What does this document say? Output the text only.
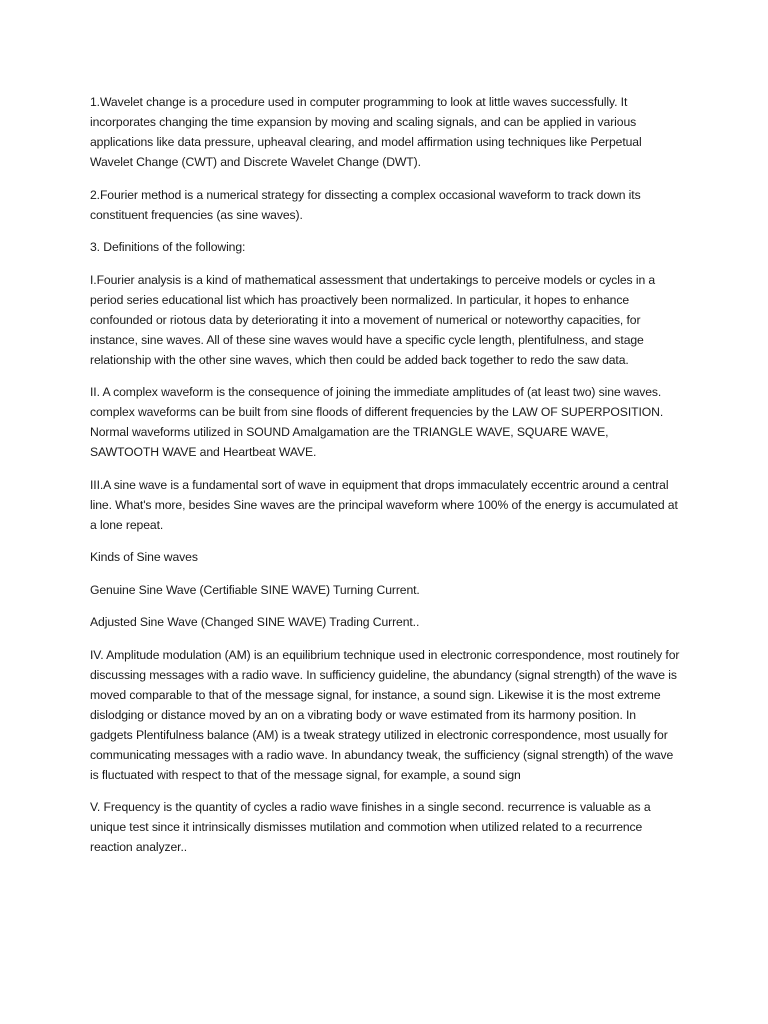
1.Wavelet change is a procedure used in computer programming to look at little waves successfully. It incorporates changing the time expansion by moving and scaling signals, and can be applied in various applications like data pressure, upheaval clearing, and model affirmation using techniques like Perpetual Wavelet Change (CWT) and Discrete Wavelet Change (DWT).

2.Fourier method is a numerical strategy for dissecting a complex occasional waveform to track down its constituent frequencies (as sine waves).

3. Definitions of the following:

I.Fourier analysis is a kind of mathematical assessment that undertakings to perceive models or cycles in a period series educational list which has proactively been normalized. In particular, it hopes to enhance confounded or riotous data by deteriorating it into a movement of numerical or noteworthy capacities, for instance, sine waves. All of these sine waves would have a specific cycle length, plentifulness, and stage relationship with the other sine waves, which then could be added back together to redo the saw data.

II. A complex waveform is the consequence of joining the immediate amplitudes of (at least two) sine waves. complex waveforms can be built from sine floods of different frequencies by the LAW OF SUPERPOSITION. Normal waveforms utilized in SOUND Amalgamation are the TRIANGLE WAVE, SQUARE WAVE, SAWTOOTH WAVE and Heartbeat WAVE.

III.A sine wave is a fundamental sort of wave in equipment that drops immaculately eccentric around a central line. What's more, besides Sine waves are the principal waveform where 100% of the energy is accumulated at a lone repeat.

Kinds of Sine waves

Genuine Sine Wave (Certifiable SINE WAVE) Turning Current.

Adjusted Sine Wave (Changed SINE WAVE) Trading Current..

IV. Amplitude modulation (AM) is an equilibrium technique used in electronic correspondence, most routinely for discussing messages with a radio wave. In sufficiency guideline, the abundancy (signal strength) of the wave is moved comparable to that of the message signal, for instance, a sound sign. Likewise it is the most extreme dislodging or distance moved by an on a vibrating body or wave estimated from its harmony position. In gadgets Plentifulness balance (AM) is a tweak strategy utilized in electronic correspondence, most usually for communicating messages with a radio wave. In abundancy tweak, the sufficiency (signal strength) of the wave is fluctuated with respect to that of the message signal, for example, a sound sign

V. Frequency is the quantity of cycles a radio wave finishes in a single second. recurrence is valuable as a unique test since it intrinsically dismisses mutilation and commotion when utilized related to a recurrence reaction analyzer..
